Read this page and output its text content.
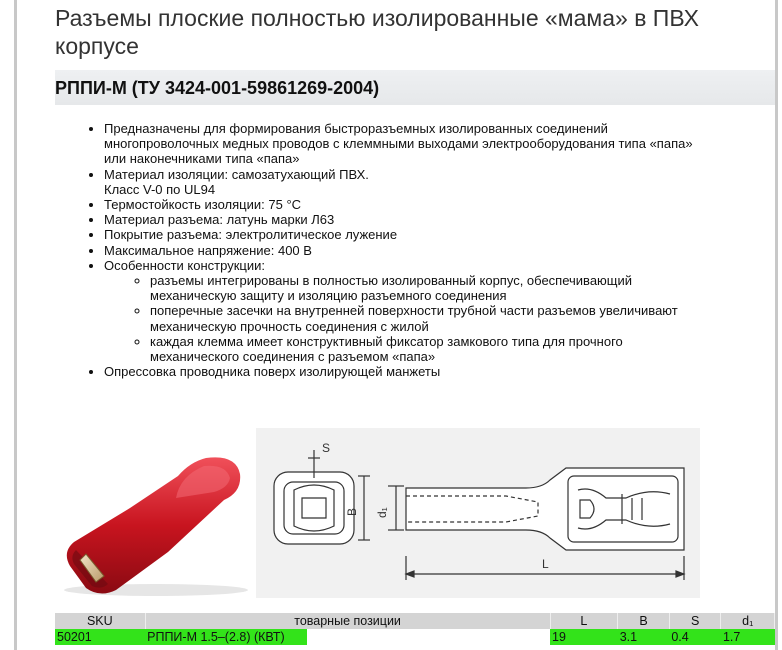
Разъемы плоские полностью изолированные «мама» в ПВХ корпусе
РППИ-М (ТУ 3424-001-59861269-2004)
• Предназначены для формирования быстроразъемных изолированных соединений
многопроволочных медных проводов с клеммными выходами электрооборудования типа «папа»
или наконечниками типа «папа»
• Материал изоляции: самозатухающий ПВХ.
Класс V-0 по UL94
• Термостойкость изоляции: 75 °С
• Материал разъема: латунь марки Л63
• Покрытие разъема: электролитическое лужение
• Максимальное напряжение: 400 В
• Особенности конструкции:
◦ разъемы интегрированы в полностью изолированный корпус, обеспечивающий
механическую защиту и изоляцию разъемного соединения
◦ поперечные засечки на внутренней поверхности трубной части разъемов увеличивают
механическую прочность соединения с жилой
◦ каждая клемма имеет конструктивный фиксатор замкового типа для прочного
механического соединения с разъемом «папа»
• Опрессовка проводника поверх изолирующей манжеты
S
B d₁
L
SKU	товарные позиции	L	B	S	d₁
50201	РППИ-М 1.5–(2.8) (КВТ)	19	3.1	0.4	1.7
